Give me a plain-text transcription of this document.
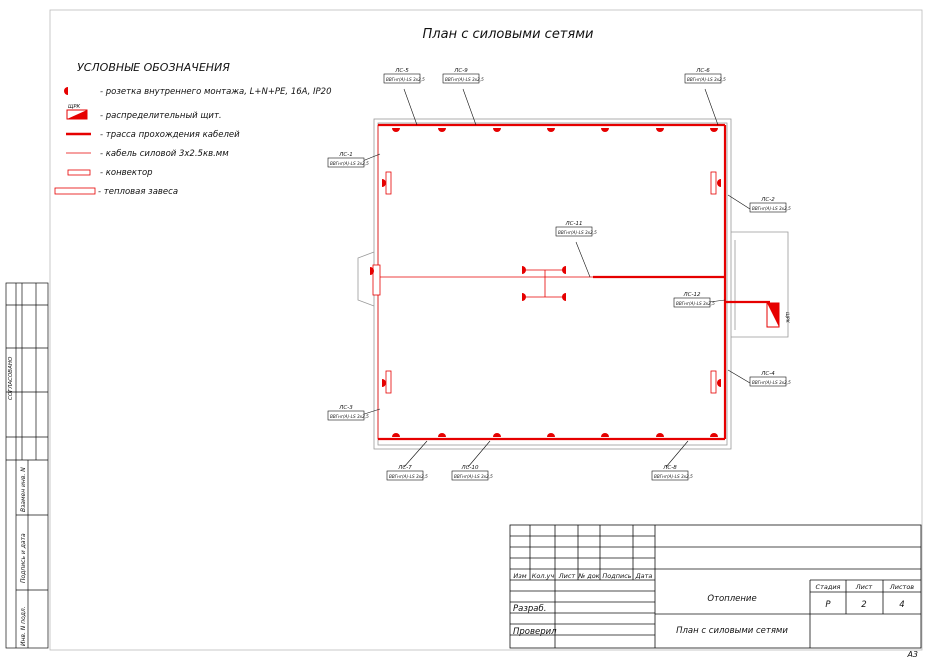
План с силовыми сетями
УСЛОВНЫЕ ОБОЗНАЧЕНИЯ
- розетка внутреннего монтажа, L+N+PE, 16A, IP20
ЩРК
- распределительный щит.
- трасса прохождения кабелей
- кабель силовой 3х2.5кв.мм
- конвектор
- тепловая завеса
СОГЛАСОВАНО
Взамен инв. N
Подпись и дата
Инв. N подл.
ЩРК
ЛС-1
ВВГнг(А)-LS 3х2,5
ЛС-2
ВВГнг(А)-LS 3х2,5
ЛС-3
ВВГнг(А)-LS 3х2,5
ЛС-4
ВВГнг(А)-LS 3х2,5
ЛС-5
ВВГнг(А)-LS 3х2,5
ЛС-6
ВВГнг(А)-LS 3х2,5
ЛС-7
ВВГнг(А)-LS 3х2,5
ЛС-8
ВВГнг(А)-LS 3х2,5
ЛС-9
ВВГнг(А)-LS 3х2,5
ЛС-10
ВВГнг(А)-LS 3х2,5
ЛС-11
ВВГнг(А)-LS 3х2,5
ЛС-12
ВВГнг(А)-LS 3х2,5
Изм Кол.уч Лист № док Подпись Дата
Разраб.
Проверил
Отопление
План с силовыми сетями
Стадия Лист	Листов
Р	2	4
А3
